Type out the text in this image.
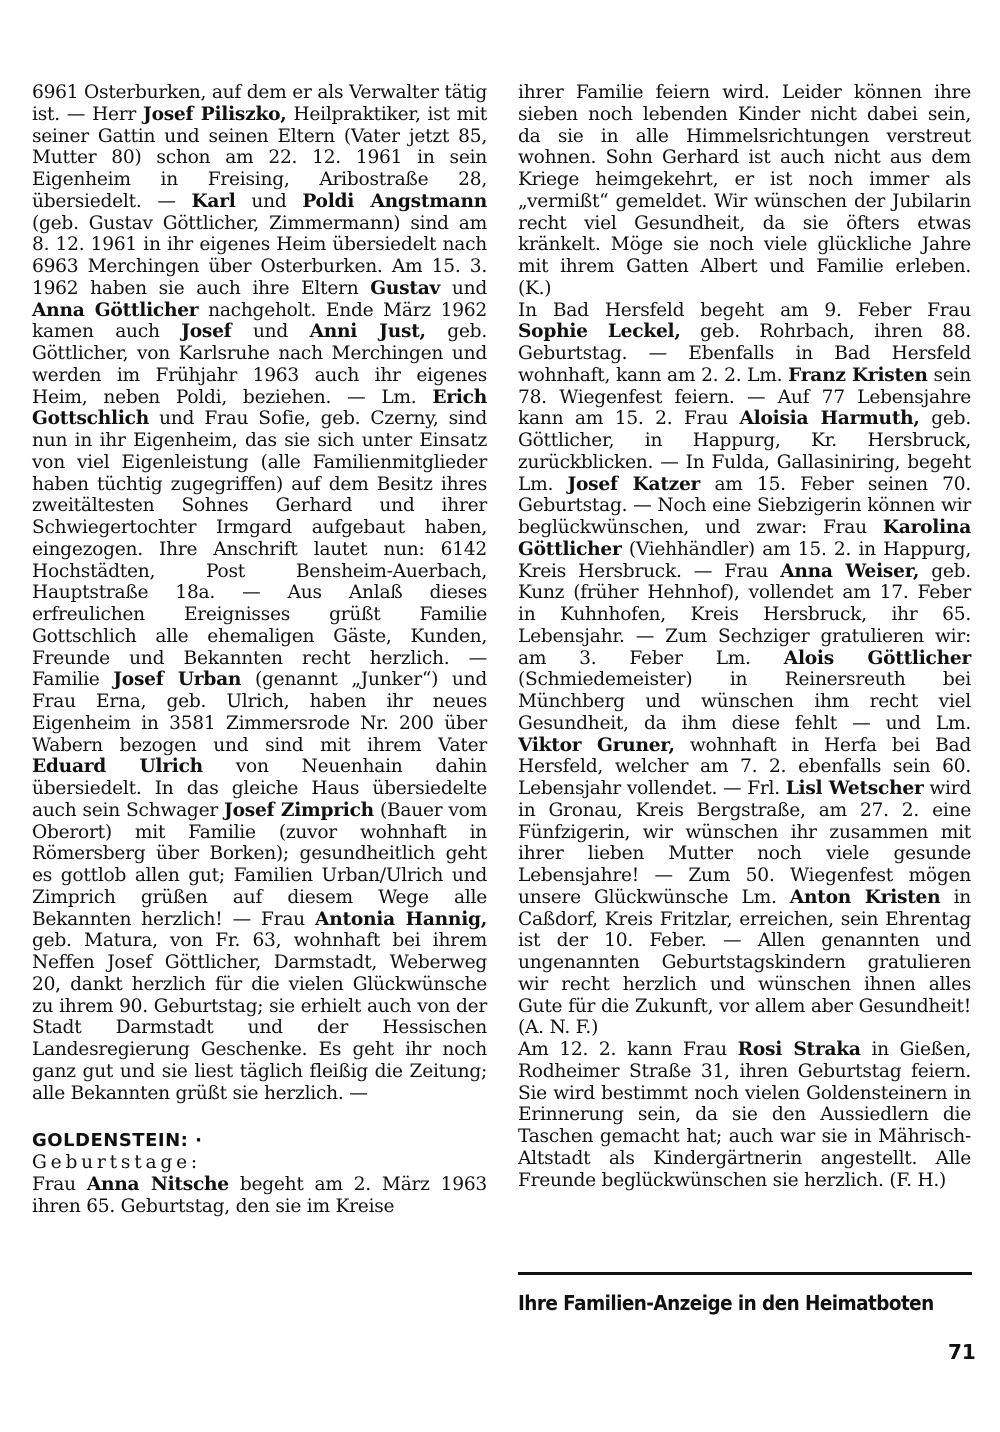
6961 Osterburken, auf dem er als Verwalter tätig ist. — Herr Josef Piliszko, Heilpraktiker, ist mit seiner Gattin und seinen Eltern (Vater jetzt 85, Mutter 80) schon am 22. 12. 1961 in sein Eigenheim in Freising, Aribostraße 28, übersiedelt. — Karl und Poldi Angstmann (geb. Gustav Göttlicher, Zimmermann) sind am 8. 12. 1961 in ihr eigenes Heim übersiedelt nach 6963 Merchingen über Osterburken. Am 15. 3. 1962 haben sie auch ihre Eltern Gustav und Anna Göttlicher nachgeholt. Ende März 1962 kamen auch Josef und Anni Just, geb. Göttlicher, von Karlsruhe nach Merchingen und werden im Frühjahr 1963 auch ihr eigenes Heim, neben Poldi, beziehen. — Lm. Erich Gottschlich und Frau Sofie, geb. Czerny, sind nun in ihr Eigenheim, das sie sich unter Einsatz von viel Eigenleistung (alle Familienmitglieder haben tüchtig zugegriffen) auf dem Besitz ihres zweitältesten Sohnes Gerhard und ihrer Schwiegertochter Irmgard aufgebaut haben, eingezogen. Ihre Anschrift lautet nun: 6142 Hochstädten, Post Bensheim-Auerbach, Hauptstraße 18a. — Aus Anlaß dieses erfreulichen Ereignisses grüßt Familie Gottschlich alle ehemaligen Gäste, Kunden, Freunde und Bekannten recht herzlich. — Familie Josef Urban (genannt „Junker“) und Frau Erna, geb. Ulrich, haben ihr neues Eigenheim in 3581 Zimmersrode Nr. 200 über Wabern bezogen und sind mit ihrem Vater Eduard Ulrich von Neuenhain dahin übersiedelt. In das gleiche Haus übersiedelte auch sein Schwager Josef Zimprich (Bauer vom Oberort) mit Familie (zuvor wohnhaft in Römersberg über Borken); gesundheitlich geht es gottlob allen gut; Familien Urban/Ulrich und Zimprich grüßen auf diesem Wege alle Bekannten herzlich! — Frau Antonia Hannig, geb. Matura, von Fr. 63, wohnhaft bei ihrem Neffen Josef Göttlicher, Darmstadt, Weberweg 20, dankt herzlich für die vielen Glückwünsche zu ihrem 90. Geburtstag; sie erhielt auch von der Stadt Darmstadt und der Hessischen Landesregierung Geschenke. Es geht ihr noch ganz gut und sie liest täglich fleißig die Zeitung; alle Bekannten grüßt sie herzlich. —
GOLDENSTEIN: ·
Geburtstage:
Frau Anna Nitsche begeht am 2. März 1963 ihren 65. Geburtstag, den sie im Kreise
ihrer Familie feiern wird. Leider können ihre sieben noch lebenden Kinder nicht dabei sein, da sie in alle Himmelsrichtungen verstreut wohnen. Sohn Gerhard ist auch nicht aus dem Kriege heimgekehrt, er ist noch immer als „vermißt“ gemeldet. Wir wünschen der Jubilarin recht viel Gesundheit, da sie öfters etwas kränkelt. Möge sie noch viele glückliche Jahre mit ihrem Gatten Albert und Familie erleben. (K.)
In Bad Hersfeld begeht am 9. Feber Frau Sophie Leckel, geb. Rohrbach, ihren 88. Geburtstag. — Ebenfalls in Bad Hersfeld wohnhaft, kann am 2. 2. Lm. Franz Kristen sein 78. Wiegenfest feiern. — Auf 77 Lebensjahre kann am 15. 2. Frau Aloisia Harmuth, geb. Göttlicher, in Happurg, Kr. Hersbruck, zurückblicken. — In Fulda, Gallasiniring, begeht Lm. Josef Katzer am 15. Feber seinen 70. Geburtstag. — Noch eine Siebzigerin können wir beglückwünschen, und zwar: Frau Karolina Göttlicher (Viehhändler) am 15. 2. in Happurg, Kreis Hersbruck. — Frau Anna Weiser, geb. Kunz (früher Hehnhof), vollendet am 17. Feber in Kuhnhofen, Kreis Hersbruck, ihr 65. Lebensjahr. — Zum Sechziger gratulieren wir: am 3. Feber Lm. Alois Göttlicher (Schmiedemeister) in Reinersreuth bei Münchberg und wünschen ihm recht viel Gesundheit, da ihm diese fehlt — und Lm. Viktor Gruner, wohnhaft in Herfa bei Bad Hersfeld, welcher am 7. 2. ebenfalls sein 60. Lebensjahr vollendet. — Frl. Lisl Wetscher wird in Gronau, Kreis Bergstraße, am 27. 2. eine Fünfzigerin, wir wünschen ihr zusammen mit ihrer lieben Mutter noch viele gesunde Lebensjahre! — Zum 50. Wiegenfest mögen unsere Glückwünsche Lm. Anton Kristen in Caßdorf, Kreis Fritzlar, erreichen, sein Ehrentag ist der 10. Feber. — Allen genannten und ungenannten Geburtstagskindern gratulieren wir recht herzlich und wünschen ihnen alles Gute für die Zukunft, vor allem aber Gesundheit! (A. N. F.)
Am 12. 2. kann Frau Rosi Straka in Gießen, Rodheimer Straße 31, ihren Geburtstag feiern. Sie wird bestimmt noch vielen Goldensteinern in Erinnerung sein, da sie den Aussiedlern die Taschen gemacht hat; auch war sie in Mährisch-Altstadt als Kindergärtnerin angestellt. Alle Freunde beglückwünschen sie herzlich. (F. H.)
Ihre Familien-Anzeige in den Heimatboten
71
